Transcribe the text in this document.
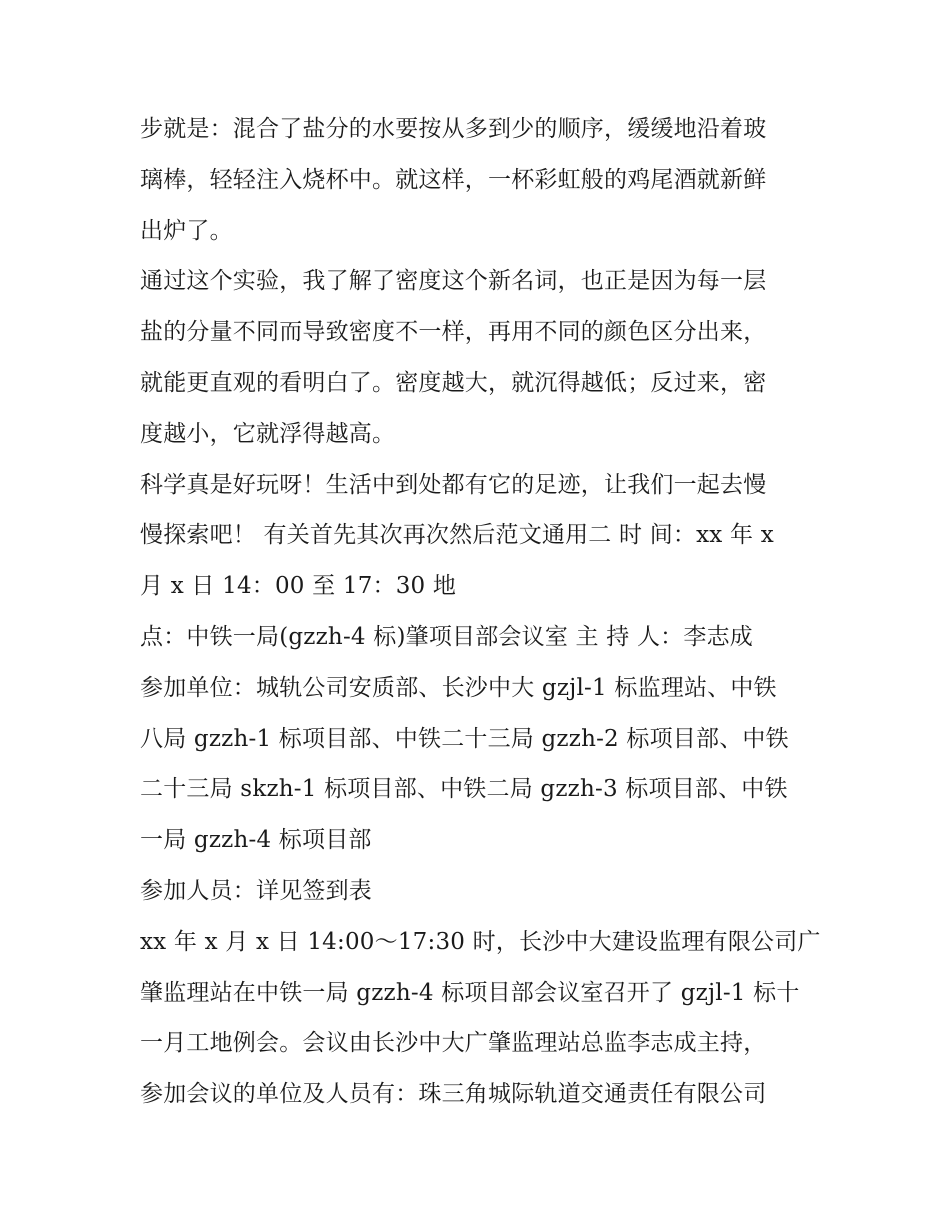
步就是：混合了盐分的水要按从多到少的顺序，缓缓地沿着玻
璃棒，轻轻注入烧杯中。就这样，一杯彩虹般的鸡尾酒就新鲜
出炉了。
通过这个实验，我了解了密度这个新名词，也正是因为每一层
盐的分量不同而导致密度不一样，再用不同的颜色区分出来，
就能更直观的看明白了。密度越大，就沉得越低；反过来，密
度越小，它就浮得越高。
科学真是好玩呀！生活中到处都有它的足迹，让我们一起去慢
慢探索吧！ 有关首先其次再次然后范文通用二 时 间：xx 年 x
月 x 日 14：00 至 17：30 地
点：中铁一局(gzzh-4 标)肇项目部会议室 主 持 人：李志成
参加单位：城轨公司安质部、长沙中大 gzjl-1 标监理站、中铁
八局 gzzh-1 标项目部、中铁二十三局 gzzh-2 标项目部、中铁
二十三局 skzh-1 标项目部、中铁二局 gzzh-3 标项目部、中铁
一局 gzzh-4 标项目部
参加人员：详见签到表
xx 年 x 月 x 日 14:00～17:30 时，长沙中大建设监理有限公司广
肇监理站在中铁一局 gzzh-4 标项目部会议室召开了 gzjl-1 标十
一月工地例会。会议由长沙中大广肇监理站总监李志成主持，
参加会议的单位及人员有：珠三角城际轨道交通责任有限公司
